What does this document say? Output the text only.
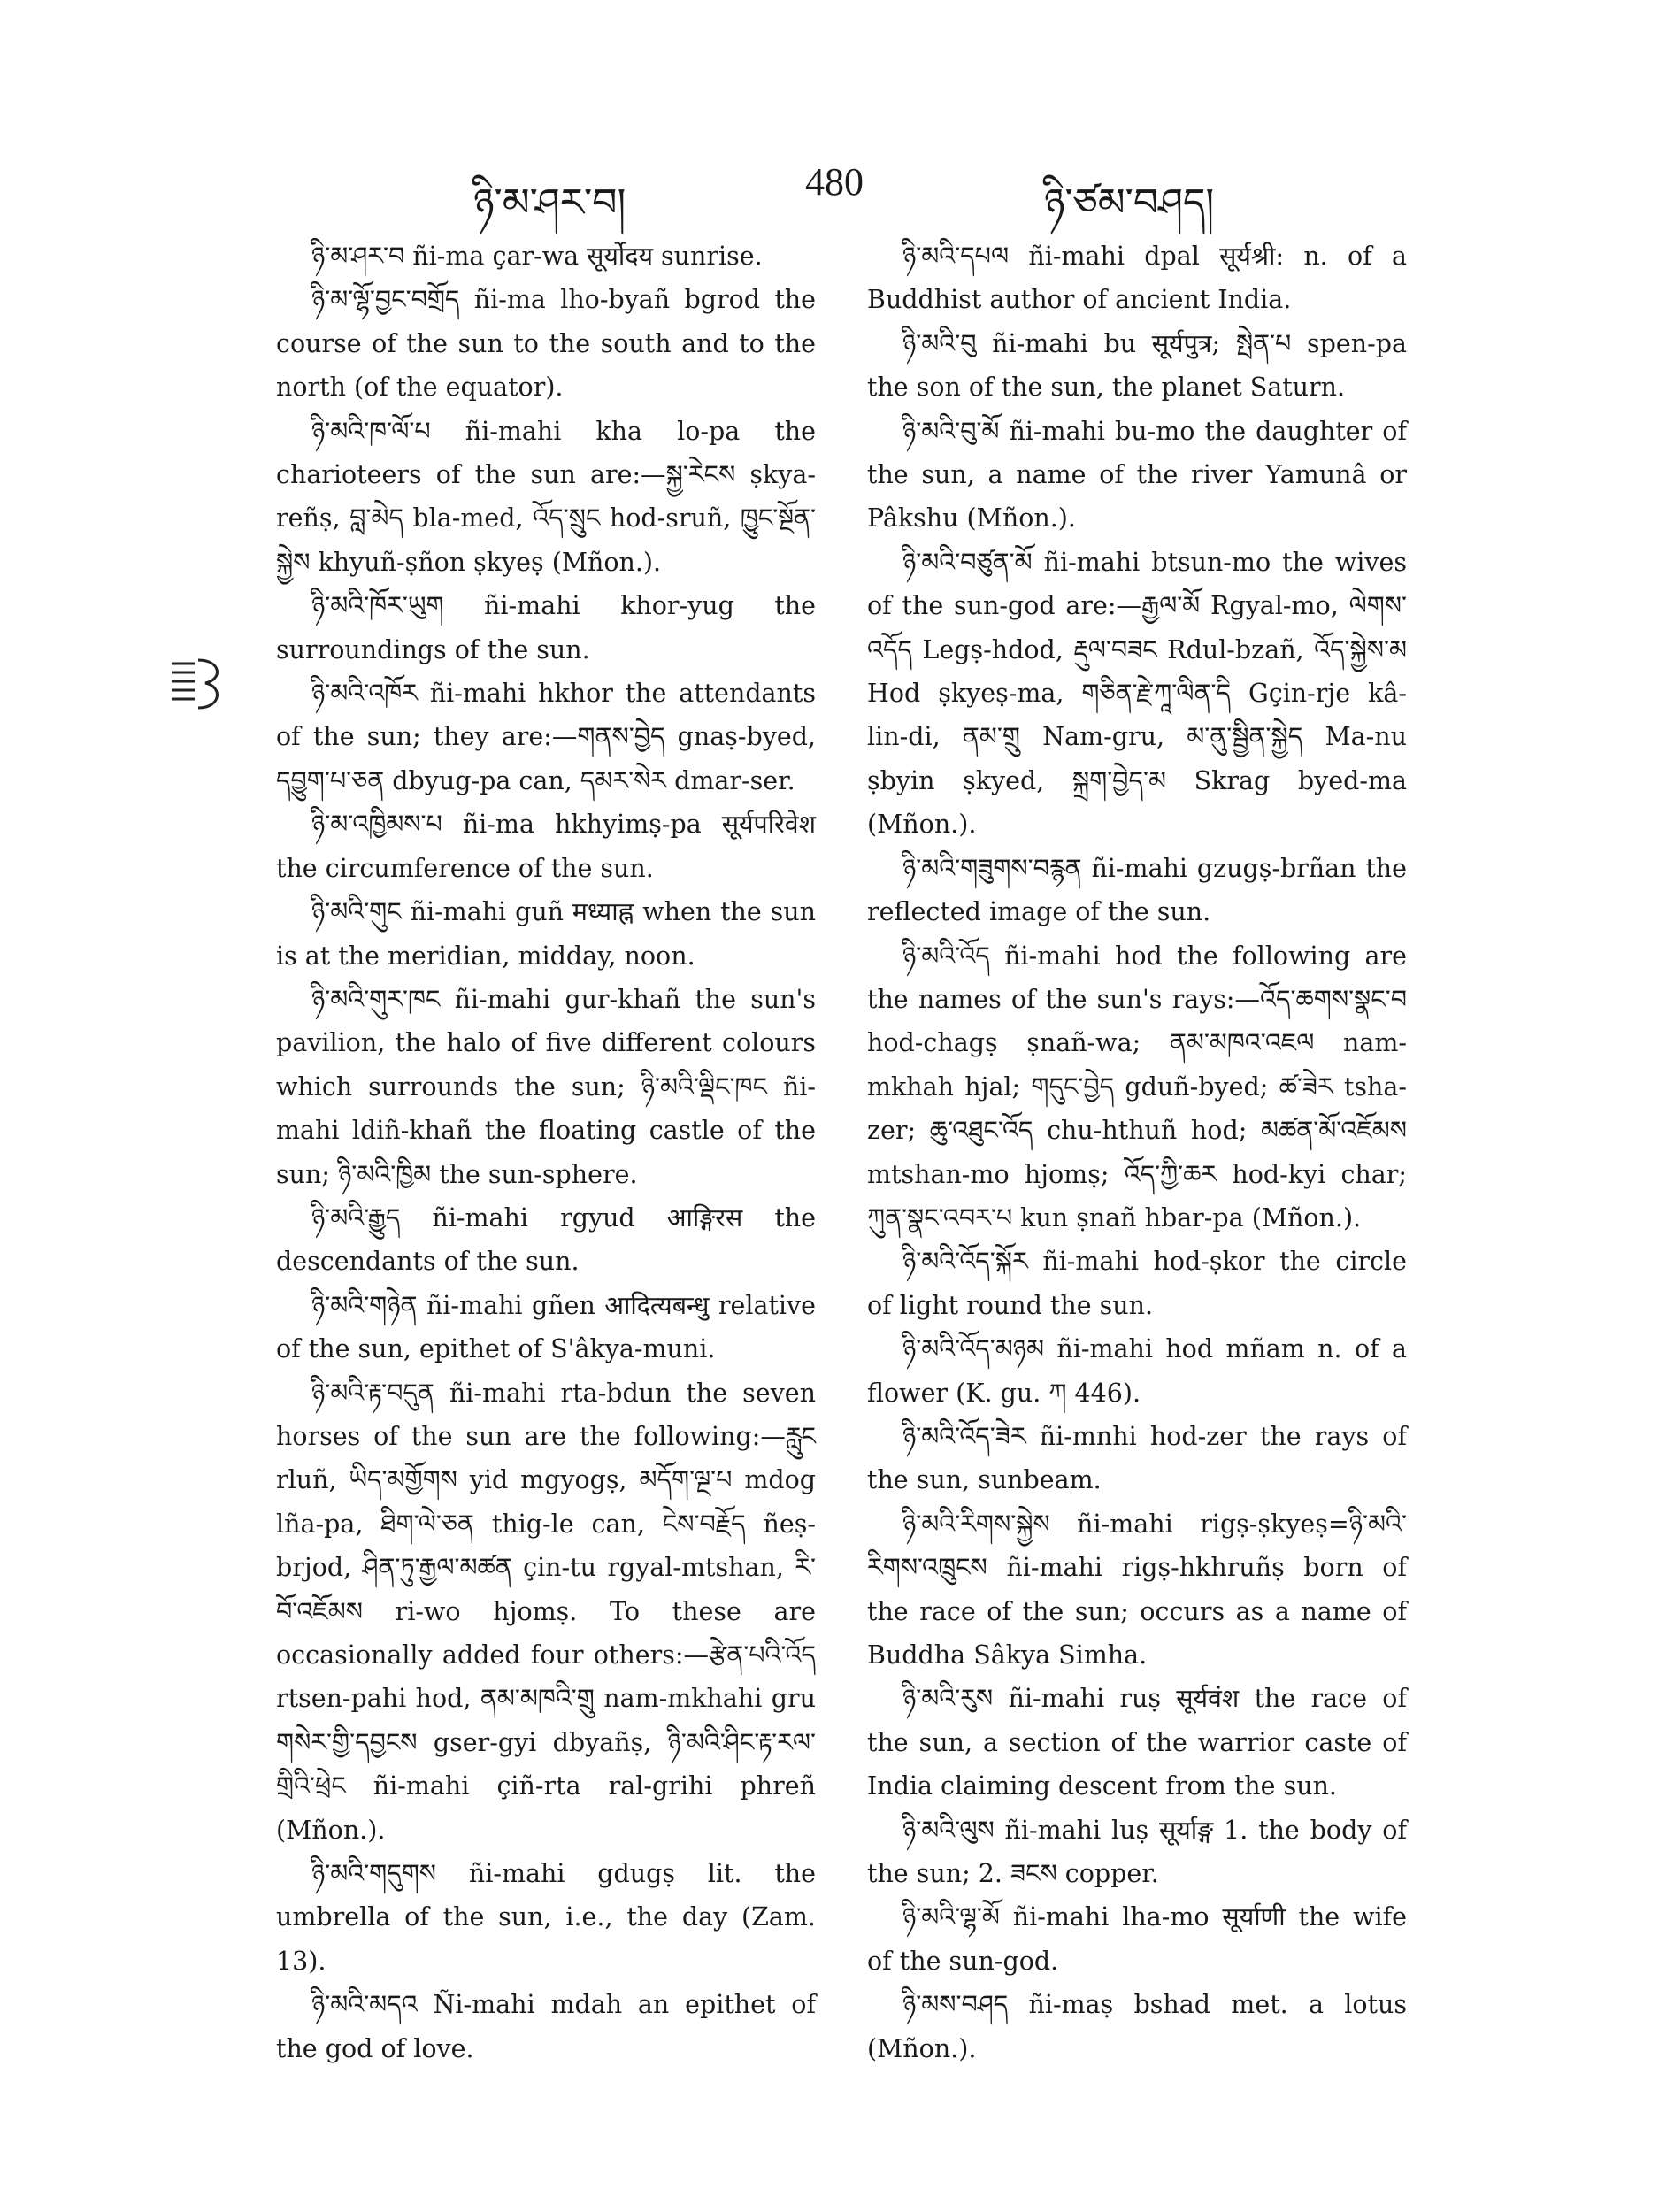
ཉི་མ་ཤར་བ།	480	ཉི་ཙམ་བཤད།

ཉི་མ་ཤར་བ ñi-ma çar-wa सूर्योदय sunrise.

ཉི་མ་ལྷོ་བྱང་བགྲོད ñi-ma lho-byañ bgrod the course of the sun to the south and to the north (of the equator).

ཉི་མའི་ཁ་ལོ་པ ñi-mahi kha lo-pa the charioteers of the sun are:—སྐྱ་རེངས ṣkya-reñṣ, བླ་མེད bla-med, འོད་སྲུང hod-sruñ, ཁྱུང་སྔོན་སྐྱེས khyuñ-ṣñon ṣkyeṣ (Mñon.).

ཉི་མའི་ཁོར་ཡུག ñi-mahi khor-yug the surroundings of the sun.

ཉི་མའི་འཁོར ñi-mahi hkhor the attendants of the sun; they are:—གནས་བྱེད gnaṣ-byed, དབྱུག་པ་ཅན dbyug-pa can, དམར་སེར dmar-ser.

ཉི་མ་འཁྱིམས་པ ñi-ma hkhyimṣ-pa सूर्यपरिवेश the circumference of the sun.

ཉི་མའི་གུང ñi-mahi guñ मध्याह्न when the sun is at the meridian, midday, noon.

ཉི་མའི་གུར་ཁང ñi-mahi gur-khañ the sun's pavilion, the halo of five different colours which surrounds the sun; ཉི་མའི་ལྡིང་ཁང ñi-mahi ldiñ-khañ the floating castle of the sun; ཉི་མའི་ཁྱིམ the sun-sphere.

ཉི་མའི་རྒྱུད ñi-mahi rgyud आङ्गिरस the descendants of the sun.

ཉི་མའི་གཉེན ñi-mahi gñen आदित्यबन्धु relative of the sun, epithet of S'âkya-muni.

ཉི་མའི་རྟ་བདུན ñi-mahi rta-bdun the seven horses of the sun are the following:—རླུང rluñ, ཡིད་མགྱོགས yid mgyogṣ, མདོག་ལྔ་པ mdog lña-pa, ཐིག་ལེ་ཅན thig-le can, ངེས་བརྗོད ñeṣ-brjod, ཤིན་ཏུ་རྒྱལ་མཚན çin-tu rgyal-mtshan, རི་བོ་འཇོམས ri-wo hjomṣ. To these are occasionally added four others:—རྩེན་པའི་འོད rtsen-pahi hod, ནམ་མཁའི་གྲུ nam-mkhahi gru གསེར་གྱི་དབྱངས gser-gyi dbyañṣ, ཉི་མའི་ཤིང་རྟ་རལ་གྲིའི་ཕྲེང ñi-mahi çiñ-rta ral-grihi phreñ (Mñon.).

ཉི་མའི་གདུགས ñi-mahi gdugṣ lit. the umbrella of the sun, i.e., the day (Zam. 13).

ཉི་མའི་མདའ Ñi-mahi mdah an epithet of the god of love.

ཉི་མའི་དཔལ ñi-mahi dpal सूर्यश्री: n. of a Buddhist author of ancient India.

ཉི་མའི་བུ ñi-mahi bu सूर्यपुत्र; སྤེན་པ spen-pa the son of the sun, the planet Saturn.

ཉི་མའི་བུ་མོ ñi-mahi bu-mo the daughter of the sun, a name of the river Yamunâ or Pâkshu (Mñon.).

ཉི་མའི་བཙུན་མོ ñi-mahi btsun-mo the wives of the sun-god are:—རྒྱལ་མོ Rgyal-mo, ལེགས་འདོད Legṣ-hdod, རྡུལ་བཟང Rdul-bzañ, འོད་སྐྱེས་མ Hod ṣkyeṣ-ma, གཅིན་རྗེ་ཀཱ་ལིན་དི Gçin-rje kâ-lin-di, ནམ་གྲུ Nam-gru, མ་ནུ་སྦྱིན་སྐྱེད Ma-nu ṣbyin ṣkyed, སྐྲག་བྱེད་མ Skrag byed-ma (Mñon.).

ཉི་མའི་གཟུགས་བརྙན ñi-mahi gzugṣ-brñan the reflected image of the sun.

ཉི་མའི་འོད ñi-mahi hod the following are the names of the sun's rays:—འོད་ཆགས་སྣང་བ hod-chagṣ ṣnañ-wa; ནམ་མཁའ་འཇལ nam-mkhah hjal; གདུང་བྱེད gduñ-byed; ཚ་ཟེར tsha-zer; ཆུ་འཐུང་འོད chu-hthuñ hod; མཚན་མོ་འཇོམས mtshan-mo hjomṣ; འོད་ཀྱི་ཆར hod-kyi char; ཀུན་སྣང་འབར་པ kun ṣnañ hbar-pa (Mñon.).

ཉི་མའི་འོད་སྐོར ñi-mahi hod-ṣkor the circle of light round the sun.

ཉི་མའི་འོད་མཉམ ñi-mahi hod mñam n. of a flower (K. gu. ཀ 446).

ཉི་མའི་འོད་ཟེར ñi-mnhi hod-zer the rays of the sun, sunbeam.

ཉི་མའི་རིགས་སྐྱེས ñi-mahi rigṣ-ṣkyeṣ=ཉི་མའི་རིགས་འཁྲུངས ñi-mahi rigṣ-hkhruñṣ born of the race of the sun; occurs as a name of Buddha Sâkya Simha.

ཉི་མའི་རུས ñi-mahi ruṣ सूर्यवंश the race of the sun, a section of the warrior caste of India claiming descent from the sun.

ཉི་མའི་ལུས ñi-mahi luṣ सूर्याङ्ग 1. the body of the sun; 2. ཟངས copper.

ཉི་མའི་ལྷ་མོ ñi-mahi lha-mo सूर्याणी the wife of the sun-god.

ཉི་མས་བཤད ñi-maṣ bshad met. a lotus (Mñon.).
